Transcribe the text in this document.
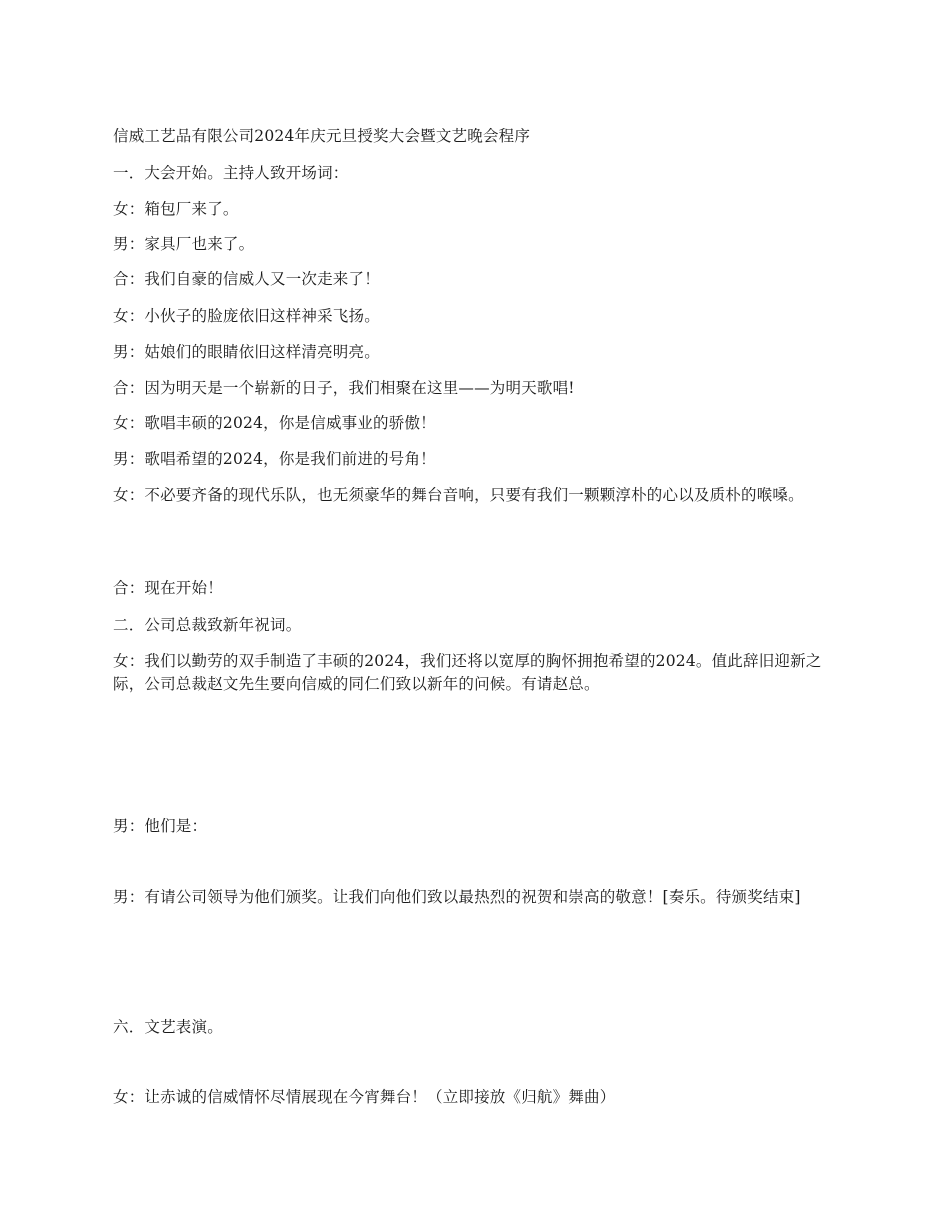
信威工艺品有限公司2024年庆元旦授奖大会暨文艺晚会程序
一．大会开始。主持人致开场词：
女：箱包厂来了。
男：家具厂也来了。
合：我们自豪的信威人又一次走来了！
女：小伙子的脸庞依旧这样神采飞扬。
男：姑娘们的眼睛依旧这样清亮明亮。
合：因为明天是一个崭新的日子，我们相聚在这里——为明天歌唱!
女：歌唱丰硕的2024，你是信威事业的骄傲！
男：歌唱希望的2024，你是我们前进的号角！
女：不必要齐备的现代乐队，也无须豪华的舞台音响，只要有我们一颗颗淳朴的心以及质朴的喉嗓。
合：现在开始！
二．公司总裁致新年祝词。
女：我们以勤劳的双手制造了丰硕的2024，我们还将以宽厚的胸怀拥抱希望的2024。值此辞旧迎新之际，公司总裁赵文先生要向信威的同仁们致以新年的问候。有请赵总。
男：他们是：
男：有请公司领导为他们颁奖。让我们向他们致以最热烈的祝贺和崇高的敬意！[奏乐。待颁奖结束]
六．文艺表演。
女：让赤诚的信威情怀尽情展现在今宵舞台！（立即接放《归航》舞曲）
